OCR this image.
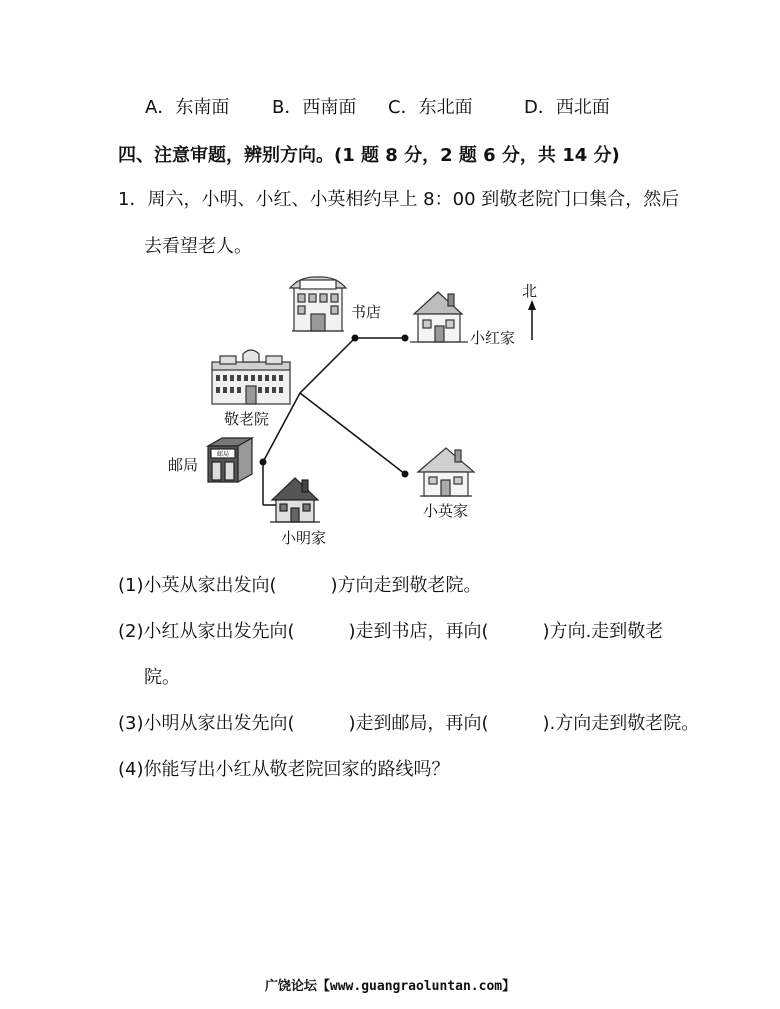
A．东南面 B．西南面 C．东北面	D．西北面
四、注意审题，辨别方向。(1 题 8 分，2 题 6 分，共 14 分)
1．周六，小明、小红、小英相约早上 8：00 到敬老院门口集合，然后
去看望老人。
邮局
北
书店
小红家
敬老院
邮局
小英家
小明家
(1)小英从家出发向(　　　)方向走到敬老院。
(2)小红从家出发先向(　　　)走到书店，再向(　　　)方向.走到敬老
院。
(3)小明从家出发先向(　　　)走到邮局，再向(　　　).方向走到敬老院。
(4)你能写出小红从敬老院回家的路线吗？
广饶论坛【www.guangraoluntan.com】
